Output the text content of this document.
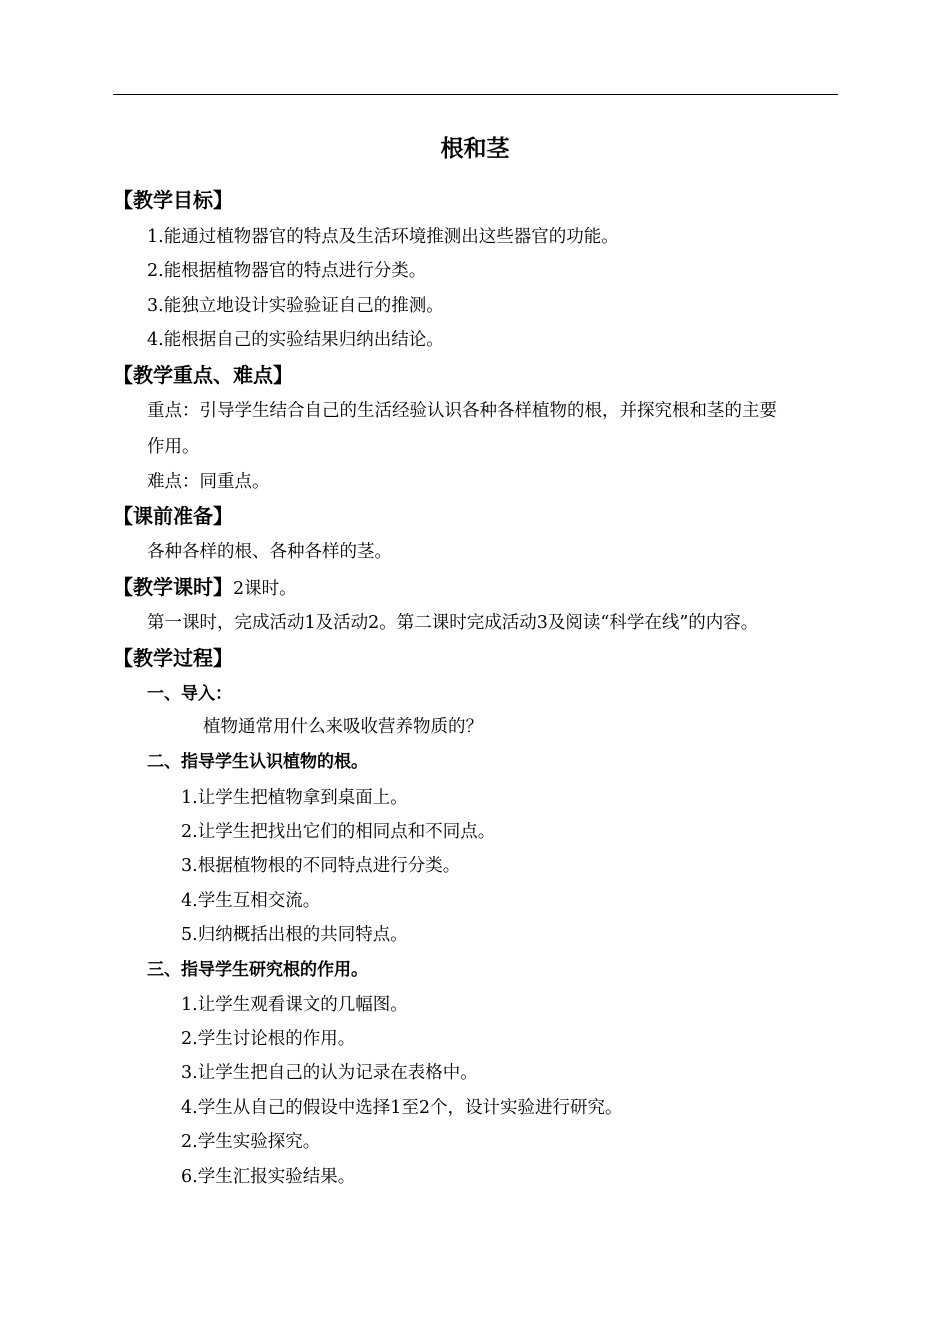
根和茎
【教学目标】
1.能通过植物器官的特点及生活环境推测出这些器官的功能。
2.能根据植物器官的特点进行分类。
3.能独立地设计实验验证自己的推测。
4.能根据自己的实验结果归纳出结论。
【教学重点、难点】
重点：引导学生结合自己的生活经验认识各种各样植物的根，并探究根和茎的主要
作用。
难点：同重点。
【课前准备】
各种各样的根、各种各样的茎。
【教学课时】2课时。
第一课时，完成活动1及活动2。第二课时完成活动3及阅读“科学在线”的内容。
【教学过程】
一、导入：
植物通常用什么来吸收营养物质的？
二、指导学生认识植物的根。
1.让学生把植物拿到桌面上。
2.让学生把找出它们的相同点和不同点。
3.根据植物根的不同特点进行分类。
4.学生互相交流。
5.归纳概括出根的共同特点。
三、指导学生研究根的作用。
1.让学生观看课文的几幅图。
2.学生讨论根的作用。
3.让学生把自己的认为记录在表格中。
4.学生从自己的假设中选择1至2个，设计实验进行研究。
2.学生实验探究。
6.学生汇报实验结果。
